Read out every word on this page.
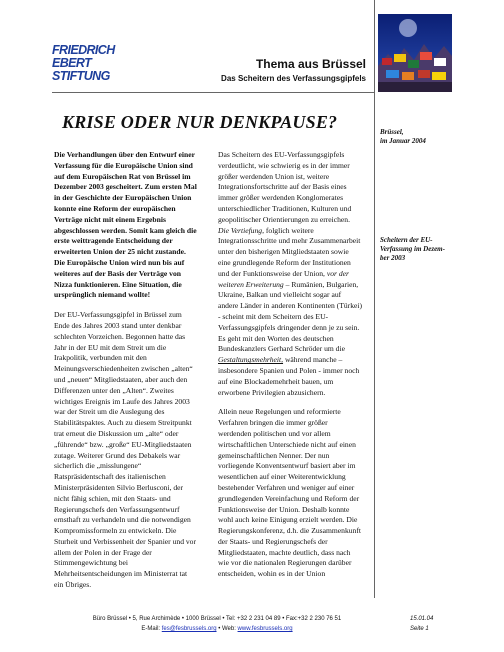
FRIEDRICH
EBERT
STIFTUNG
Thema aus Brüssel
Das Scheitern des Verfassungsgipfels
Brüssel,
im Januar 2004
Scheitern der EU-
Verfassung im Dezem-
ber 2003
KRISE ODER NUR DENKPAUSE?

Die Verhandlungen über den Entwurf einer Verfassung für die Europäische Union sind auf dem Europäischen Rat von Brüssel im Dezember 2003 gescheitert. Zum ersten Mal in der Geschichte der Europäischen Union konnte eine Reform der europäischen Verträge nicht mit einem Ergebnis abgeschlossen werden. Somit kam gleich die erste weittragende Entscheidung der erweiterten Union der 25 nicht zustande. Die Europäische Union wird nun bis auf weiteres auf der Basis der Verträge von Nizza funktionieren. Eine Situation, die ursprünglich niemand wollte!

Der EU-Verfassungsgipfel in Brüssel zum Ende des Jahres 2003 stand unter denkbar schlechten Vorzeichen. Begonnen hatte das Jahr in der EU mit dem Streit um die Irakpolitik, verbunden mit den Meinungsverschiedenheiten zwischen „alten“ und „neuen“ Mitgliedstaaten, aber auch den Differenzen unter den „Alten“. Zweites wichtiges Ereignis im Laufe des Jahres 2003 war der Streit um die Auslegung des Stabilitätspaktes. Auch zu diesem Streitpunkt trat erneut die Diskussion um „alte“ oder „führende“ bzw. „große“ EU-Mitgliedstaaten zutage. Weiterer Grund des Debakels war sicherlich die „misslungene“ Ratspräsidentschaft des italienischen Ministerpräsidenten Silvio Berlusconi, der nicht fähig schien, mit den Staats- und Regierungschefs den Verfassungsentwurf ernsthaft zu verhandeln und die notwendigen Kompromissformeln zu entwickeln. Die Sturheit und Verbissenheit der Spanier und vor allem der Polen in der Frage der Stimmengewichtung bei Mehrheitsentscheidungen im Ministerrat tat ein Übriges.

Das Scheitern des EU-Verfassungsgipfels verdeutlicht, wie schwierig es in der immer größer werdenden Union ist, weitere Integrationsfortschritte auf der Basis eines immer größer werdenden Konglomerates unterschiedlicher Traditionen, Kulturen und geopolitischer Orientierungen zu erreichen. Die Vertiefung, folglich weitere Integrationsschritte und mehr Zusammenarbeit unter den bisherigen Mitgliedstaaten sowie eine grundlegende Reform der Institutionen und der Funktionsweise der Union, vor der weiteren Erweiterung – Rumänien, Bulgarien, Ukraine, Balkan und vielleicht sogar auf andere Länder in anderen Kontinenten (Türkei) - scheint mit dem Scheitern des EU-Verfassungsgipfels dringender denn je zu sein. Es geht mit den Worten des deutschen Bundeskanzlers Gerhard Schröder um die Gestaltungsmehrheit, während manche – insbesondere Spanien und Polen - immer noch auf eine Blockademehrheit bauen, um erworbene Privilegien abzusichern.

Allein neue Regelungen und reformierte Verfahren bringen die immer größer werdenden politischen und vor allem wirtschaftlichen Unterschiede nicht auf einen gemeinschaftlichen Nenner. Der nun vorliegende Konventsentwurf basiert aber im wesentlichen auf einer Weiterentwicklung bestehender Verfahren und weniger auf einer grundlegenden Vereinfachung und Reform der Funktionsweise der Union. Deshalb konnte wohl auch keine Einigung erzielt werden. Die Regierungskonferenz, d.h. die Zusammenkunft der Staats- und Regierungschefs der Mitgliedstaaten, machte deutlich, dass nach wie vor die nationalen Regierungen darüber entscheiden, wohin es in der Union

Büro Brüssel • 5, Rue Archimède • 1000 Brüssel • Tel: +32 2 231 04 89 • Fax:+32 2 230 76 51	15.01.04
E-Mail: fes@fesbrussels.org • Web: www.fesbrussels.org	Seite 1
